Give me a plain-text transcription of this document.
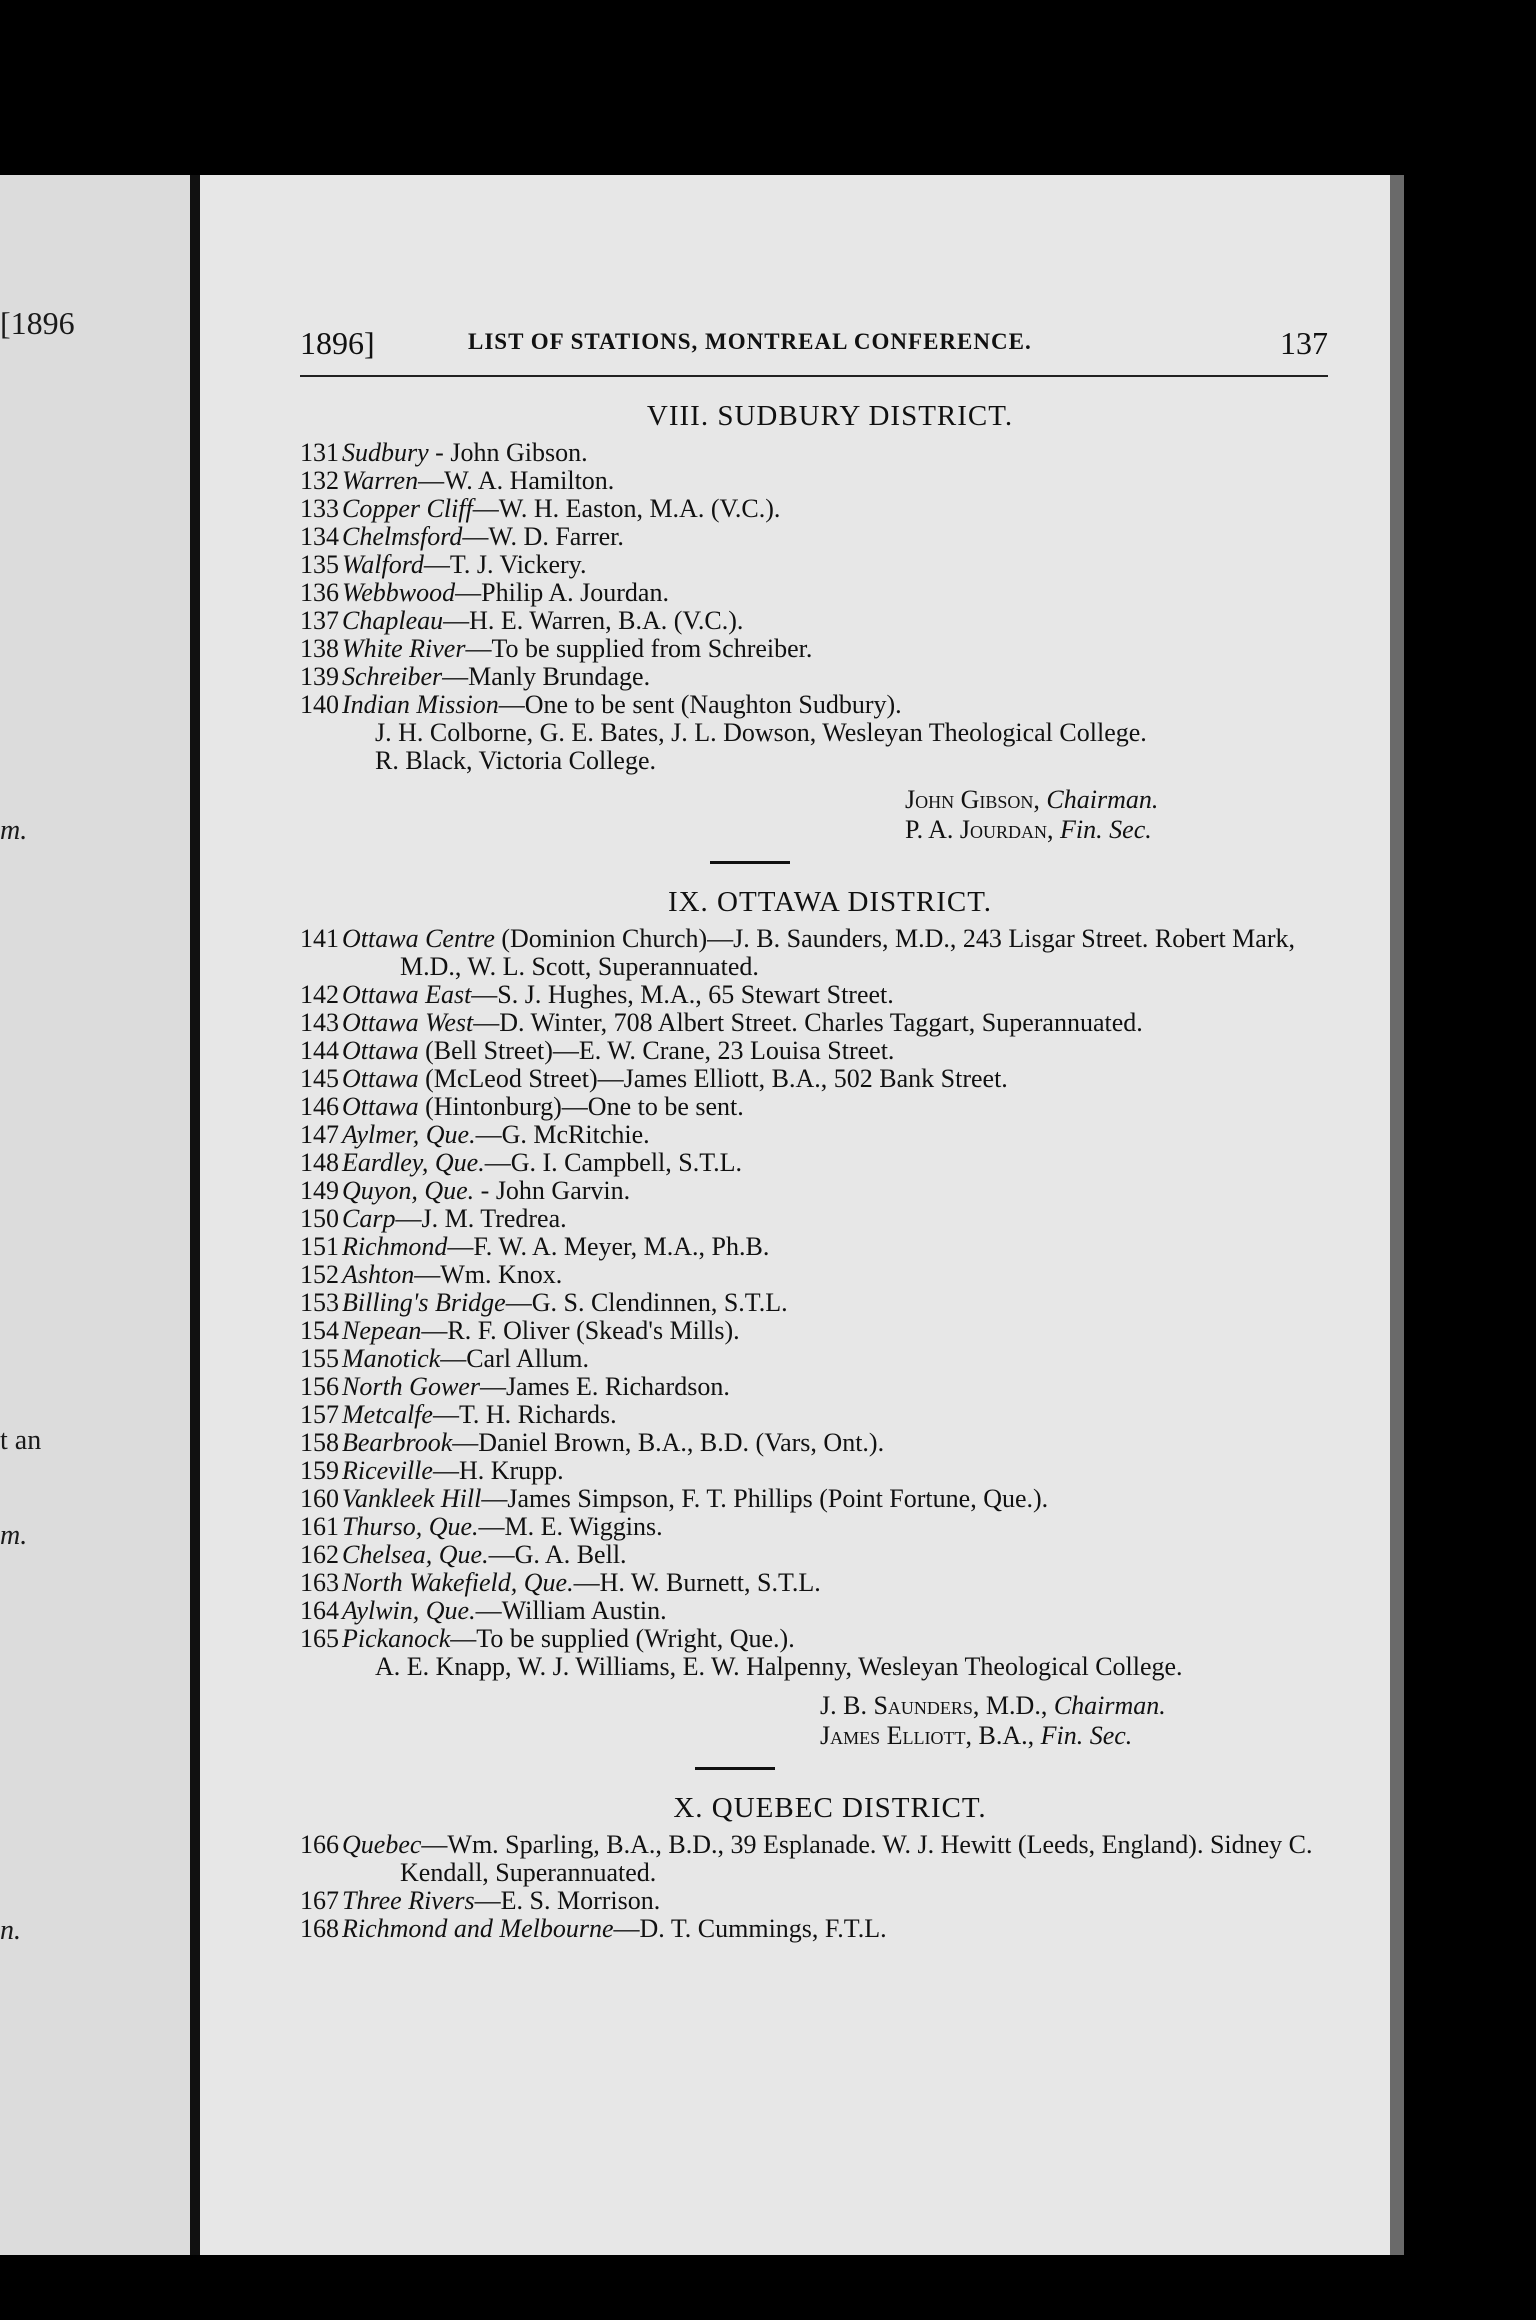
[1896
m.
t an
m.
n.
1896]	LIST OF STATIONS, MONTREAL CONFERENCE.	137
VIII. SUDBURY DISTRICT.
131 Sudbury - John Gibson.
132 Warren—W. A. Hamilton.
133 Copper Cliff—W. H. Easton, M.A. (V.C.).
134 Chelmsford—W. D. Farrer.
135 Walford—T. J. Vickery.
136 Webbwood—Philip A. Jourdan.
137 Chapleau—H. E. Warren, B.A. (V.C.).
138 White River—To be supplied from Schreiber.
139 Schreiber—Manly Brundage.
140 Indian Mission—One to be sent (Naughton Sudbury).
J. H. Colborne, G. E. Bates, J. L. Dowson, Wesleyan Theological College.
R. Black, Victoria College.
John Gibson, Chairman.
P. A. Jourdan, Fin. Sec.
IX. OTTAWA DISTRICT.
141 Ottawa Centre (Dominion Church)—J. B. Saunders, M.D., 243 Lisgar Street. Robert Mark, M.D., W. L. Scott, Superannuated.
142 Ottawa East—S. J. Hughes, M.A., 65 Stewart Street.
143 Ottawa West—D. Winter, 708 Albert Street. Charles Taggart, Superannuated.
144 Ottawa (Bell Street)—E. W. Crane, 23 Louisa Street.
145 Ottawa (McLeod Street)—James Elliott, B.A., 502 Bank Street.
146 Ottawa (Hintonburg)—One to be sent.
147 Aylmer, Que.—G. McRitchie.
148 Eardley, Que.—G. I. Campbell, S.T.L.
149 Quyon, Que. - John Garvin.
150 Carp—J. M. Tredrea.
151 Richmond—F. W. A. Meyer, M.A., Ph.B.
152 Ashton—Wm. Knox.
153 Billing's Bridge—G. S. Clendinnen, S.T.L.
154 Nepean—R. F. Oliver (Skead's Mills).
155 Manotick—Carl Allum.
156 North Gower—James E. Richardson.
157 Metcalfe—T. H. Richards.
158 Bearbrook—Daniel Brown, B.A., B.D. (Vars, Ont.).
159 Riceville—H. Krupp.
160 Vankleek Hill—James Simpson, F. T. Phillips (Point Fortune, Que.).
161 Thurso, Que.—M. E. Wiggins.
162 Chelsea, Que.—G. A. Bell.
163 North Wakefield, Que.—H. W. Burnett, S.T.L.
164 Aylwin, Que.—William Austin.
165 Pickanock—To be supplied (Wright, Que.).
A. E. Knapp, W. J. Williams, E. W. Halpenny, Wesleyan Theological College.
J. B. Saunders, M.D., Chairman.
James Elliott, B.A., Fin. Sec.
X. QUEBEC DISTRICT.
166 Quebec—Wm. Sparling, B.A., B.D., 39 Esplanade. W. J. Hewitt (Leeds, England). Sidney C. Kendall, Superannuated.
167 Three Rivers—E. S. Morrison.
168 Richmond and Melbourne—D. T. Cummings, F.T.L.
